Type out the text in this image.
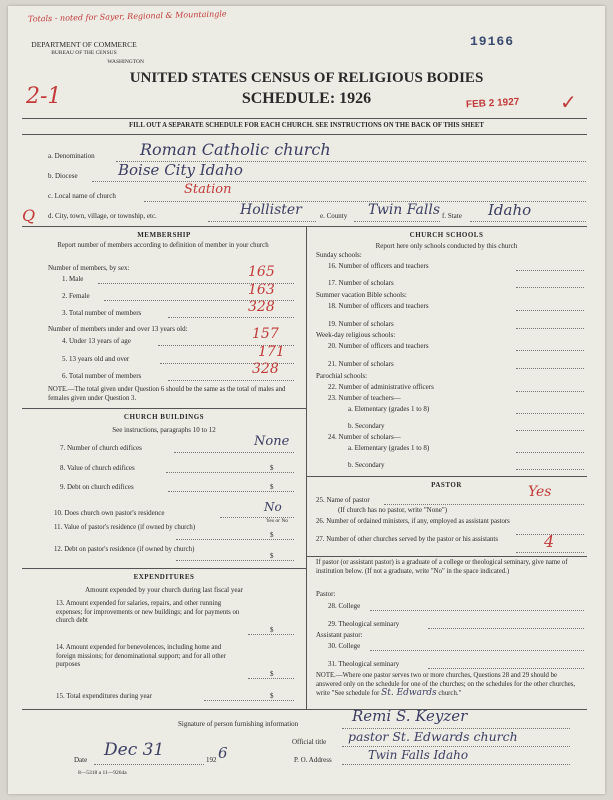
Totals - noted for Sayer, Regional & Mountaingle
19166
DEPARTMENT OF COMMERCE
BUREAU OF THE CENSUS
WASHINGTON
2-1
UNITED STATES CENSUS OF RELIGIOUS BODIES
SCHEDULE: 1926	FEB 2 1927 ✓
FILL OUT A SEPARATE SCHEDULE FOR EACH CHURCH. SEE INSTRUCTIONS ON THE BACK OF THIS SHEET
a. Denomination	Roman Catholic church
b. Diocese	Boise City Idaho
c. Local name of church	Station
Q d. City, town, village, or township, etc.	Hollister	e. County Twin Falls f. State Idaho
MEMBERSHIP
Report number of members according to definition of member in your church
Number of members, by sex:
1. Male	165
2. Female	163
3. Total number of members	328
Number of members under and over 13 years old:
4. Under 13 years of age	157
5. 13 years old and over	171
6. Total number of members	328
NOTE.—The total given under Question 6 should be the same as the total of males and females given under Question 3.
CHURCH BUILDINGS
See instructions, paragraphs 10 to 12
7. Number of church edifices	None
8. Value of church edifices	$
9. Debt on church edifices	$
10. Does church own pastor's residence	No
Yes or No
11. Value of pastor's residence (if owned by church)
$
12. Debt on pastor's residence (if owned by church)
$
EXPENDITURES
Amount expended by your church during last fiscal year
13. Amount expended for salaries, repairs, and other running expenses; for improvements or new buildings; and for payments on church debt
$
14. Amount expended for benevolences, including home and foreign missions; for denominational support; and for all other purposes
$
15. Total expenditures during year	$
CHURCH SCHOOLS
Report here only schools conducted by this church
Sunday schools:
16. Number of officers and teachers
17. Number of scholars
Summer vacation Bible schools:
18. Number of officers and teachers
19. Number of scholars
Week-day religious schools:
20. Number of officers and teachers
21. Number of scholars
Parochial schools:
22. Number of administrative officers
23. Number of teachers—
a. Elementary (grades 1 to 8)
b. Secondary
24. Number of scholars—
a. Elementary (grades 1 to 8)
b. Secondary
PASTOR
25. Name of pastor	Yes
(If church has no pastor, write "None")
26. Number of ordained ministers, if any, employed as assistant pastors
27. Number of other churches served by the pastor or his assistants	4
If pastor (or assistant pastor) is a graduate of a college or theological seminary, give name of institution below. (If not a graduate, write "No" in the space indicated.)
Pastor:
28. College
29. Theological seminary
Assistant pastor:
30. College
31. Theological seminary
NOTE.—Where one pastor serves two or more churches, Questions 28 and 29 should be answered only on the schedule for one of the churches; on the schedules for the other churches, write "See schedule for St. Edwards church."
Signature of person furnishing information	Remi S. Keyzer
Official title pastor St. Edwards church
Date Dec 31	192 6	P. O. Address	Twin Falls Idaho
8—5318 a 11—9264a
